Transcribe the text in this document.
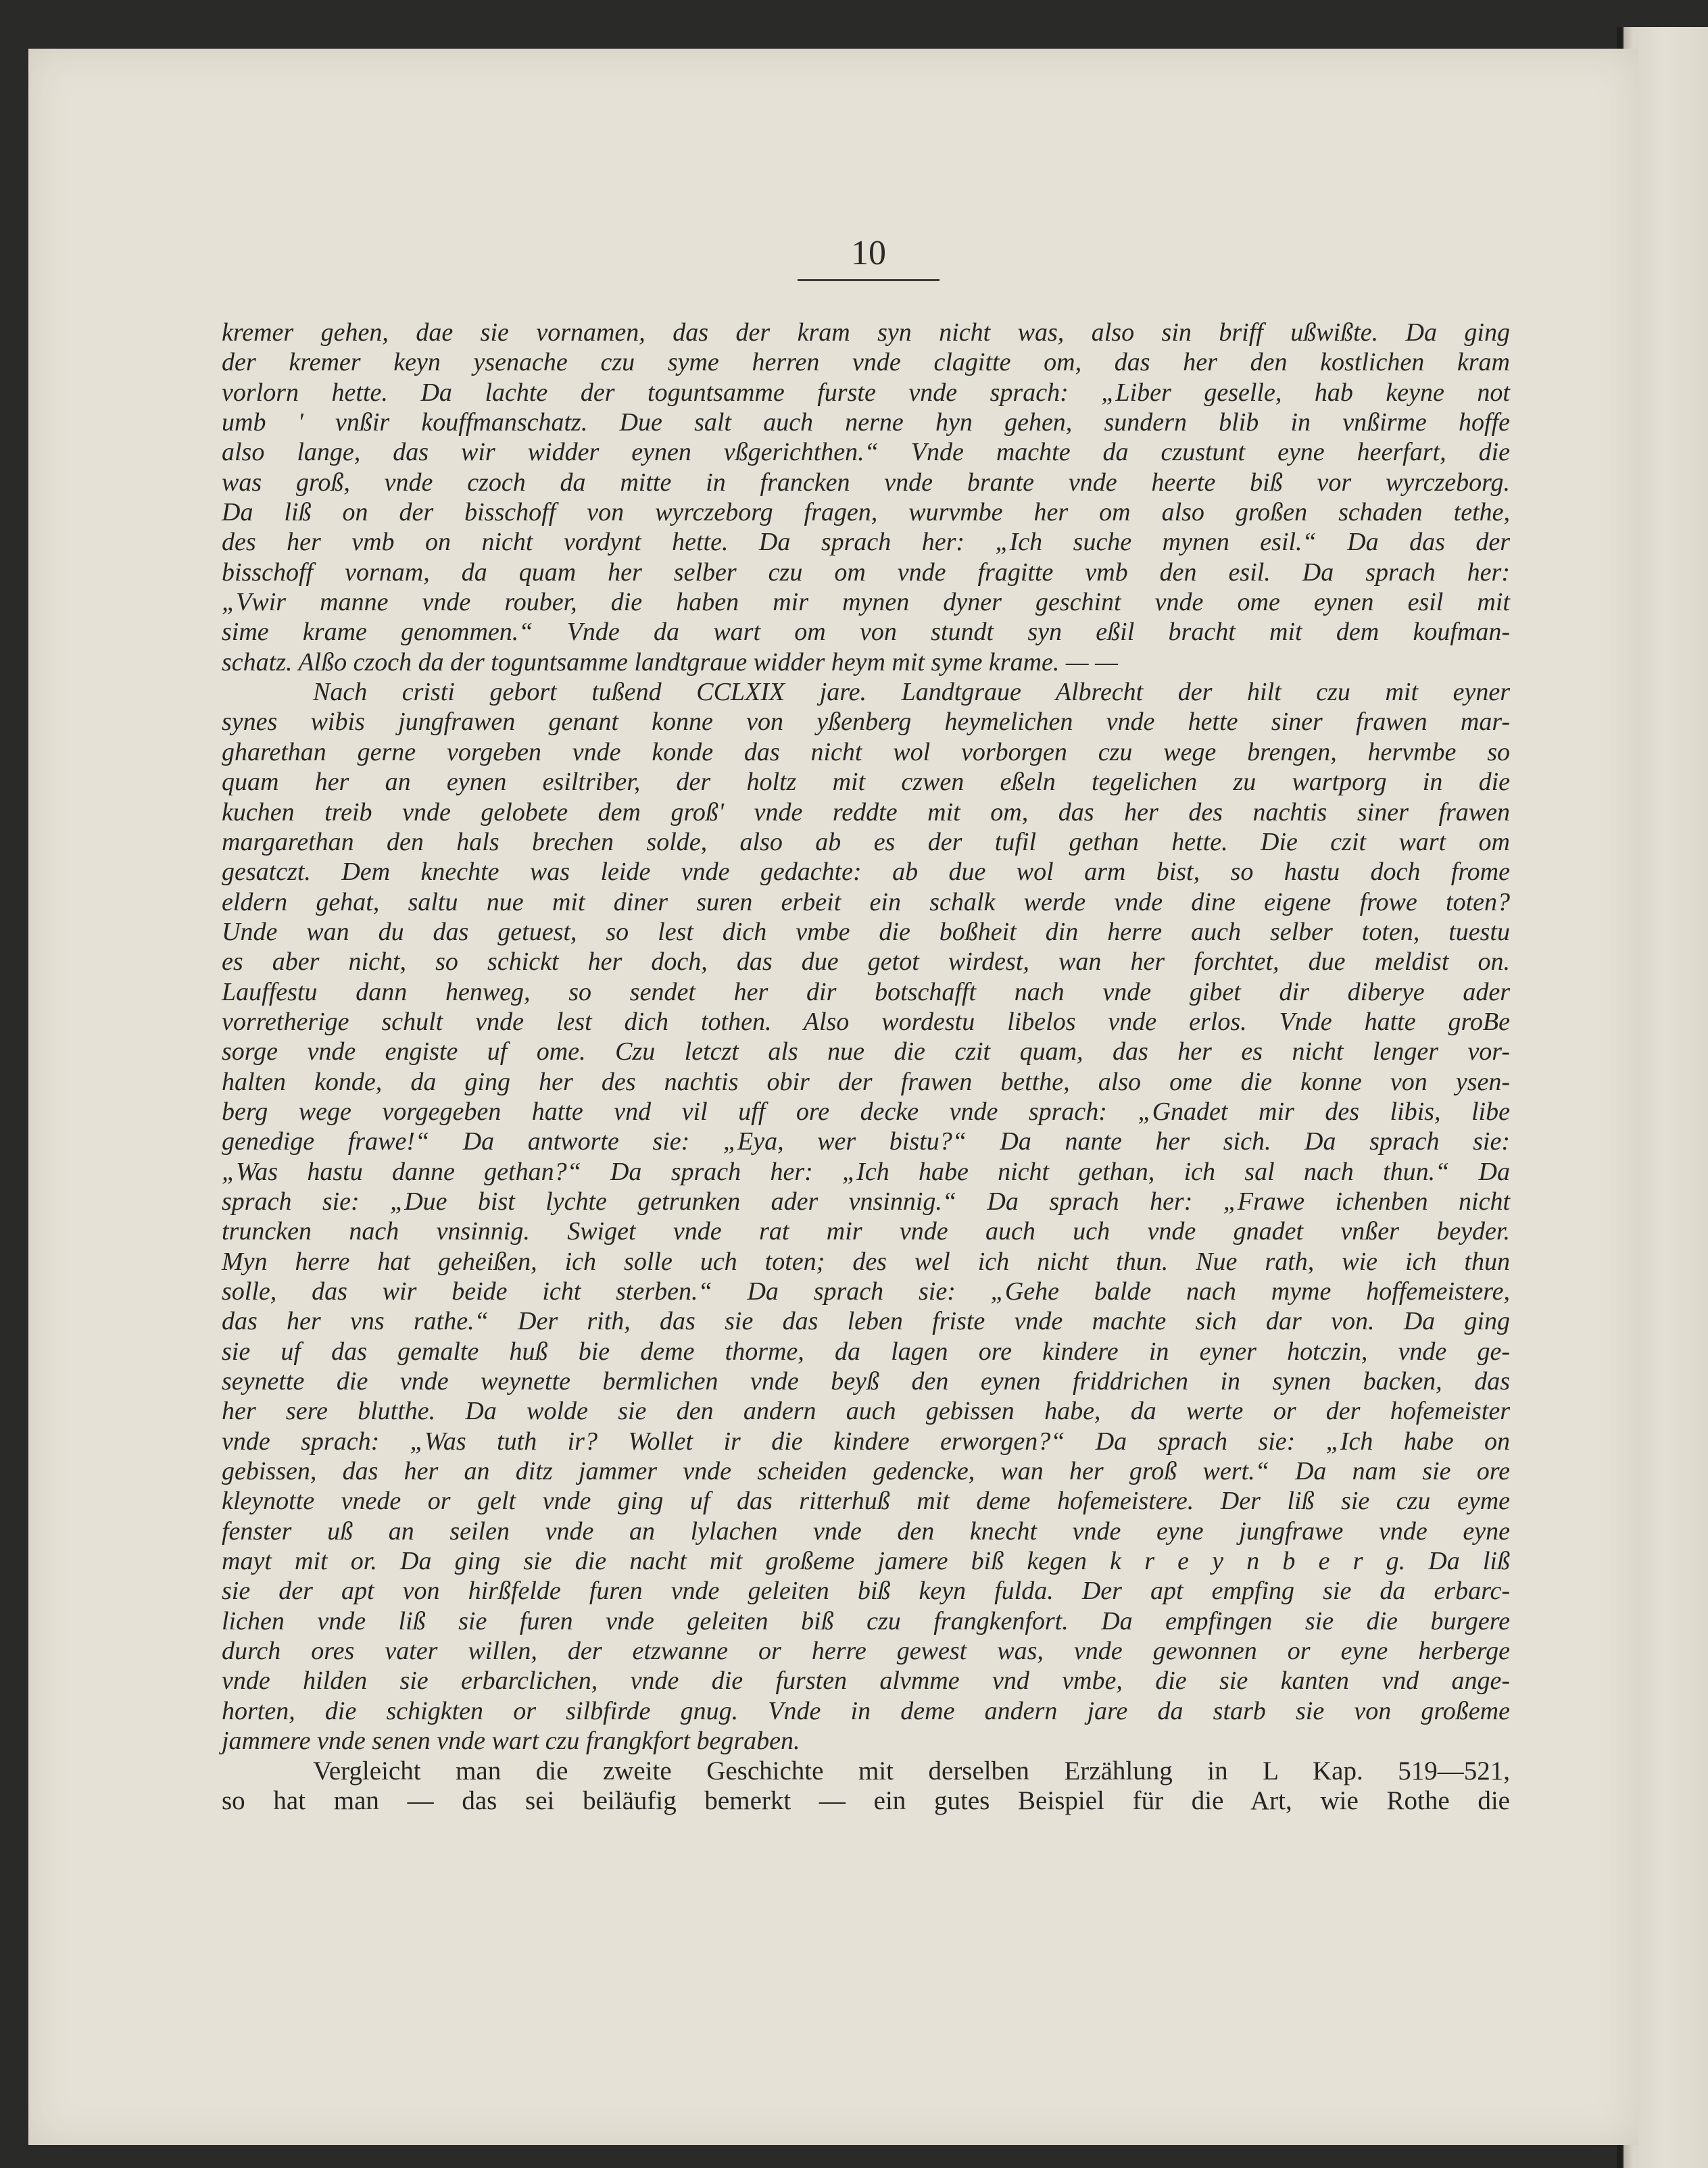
10
kremer gehen, dae sie vornamen, das der kram syn nicht was, also sin briff ußwißte. Da ging
der kremer keyn ysenache czu syme herren vnde clagitte om, das her den kostlichen kram
vorlorn hette. Da lachte der toguntsamme furste vnde sprach: „Liber geselle, hab keyne not
umb ' vnßir kouffmanschatz. Due salt auch nerne hyn gehen, sundern blib in vnßirme hoffe
also lange, das wir widder eynen vßgerichthen.“ Vnde machte da czustunt eyne heerfart, die
was groß, vnde czoch da mitte in francken vnde brante vnde heerte biß vor wyrczeborg.
Da liß on der bisschoff von wyrczeborg fragen, wurvmbe her om also großen schaden tethe,
des her vmb on nicht vordynt hette. Da sprach her: „Ich suche mynen esil.“ Da das der
bisschoff vornam, da quam her selber czu om vnde fragitte vmb den esil. Da sprach her:
„Vwir manne vnde rouber, die haben mir mynen dyner geschint vnde ome eynen esil mit
sime krame genommen.“ Vnde da wart om von stundt syn eßil bracht mit dem koufman-
schatz. Alßo czoch da der toguntsamme landtgraue widder heym mit syme krame. — —
Nach cristi gebort tußend CCLXIX jare. Landtgraue Albrecht der hilt czu mit eyner
synes wibis jungfrawen genant konne von yßenberg heymelichen vnde hette siner frawen mar-
gharethan gerne vorgeben vnde konde das nicht wol vorborgen czu wege brengen, hervmbe so
quam her an eynen esiltriber, der holtz mit czwen eßeln tegelichen zu wartporg in die
kuchen treib vnde gelobete dem groß' vnde reddte mit om, das her des nachtis siner frawen
margarethan den hals brechen solde, also ab es der tufil gethan hette. Die czit wart om
gesatczt. Dem knechte was leide vnde gedachte: ab due wol arm bist, so hastu doch frome
eldern gehat, saltu nue mit diner suren erbeit ein schalk werde vnde dine eigene frowe toten?
Unde wan du das getuest, so lest dich vmbe die boßheit din herre auch selber toten, tuestu
es aber nicht, so schickt her doch, das due getot wirdest, wan her forchtet, due meldist on.
Lauffestu dann henweg, so sendet her dir botschafft nach vnde gibet dir diberye ader
vorretherige schult vnde lest dich tothen. Also wordestu libelos vnde erlos. Vnde hatte groBe
sorge vnde engiste uf ome. Czu letczt als nue die czit quam, das her es nicht lenger vor-
halten konde, da ging her des nachtis obir der frawen betthe, also ome die konne von ysen-
berg wege vorgegeben hatte vnd vil uff ore decke vnde sprach: „Gnadet mir des libis, libe
genedige frawe!“ Da antworte sie: „Eya, wer bistu?“ Da nante her sich. Da sprach sie:
„Was hastu danne gethan?“ Da sprach her: „Ich habe nicht gethan, ich sal nach thun.“ Da
sprach sie: „Due bist lychte getrunken ader vnsinnig.“ Da sprach her: „Frawe ichenben nicht
truncken nach vnsinnig. Swiget vnde rat mir vnde auch uch vnde gnadet vnßer beyder.
Myn herre hat geheißen, ich solle uch toten; des wel ich nicht thun. Nue rath, wie ich thun
solle, das wir beide icht sterben.“ Da sprach sie: „Gehe balde nach myme hoffemeistere,
das her vns rathe.“ Der rith, das sie das leben friste vnde machte sich dar von. Da ging
sie uf das gemalte huß bie deme thorme, da lagen ore kindere in eyner hotczin, vnde ge-
seynette die vnde weynette bermlichen vnde beyß den eynen friddrichen in synen backen, das
her sere blutthe. Da wolde sie den andern auch gebissen habe, da werte or der hofemeister
vnde sprach: „Was tuth ir? Wollet ir die kindere erworgen?“ Da sprach sie: „Ich habe on
gebissen, das her an ditz jammer vnde scheiden gedencke, wan her groß wert.“ Da nam sie ore
kleynotte vnede or gelt vnde ging uf das ritterhuß mit deme hofemeistere. Der liß sie czu eyme
fenster uß an seilen vnde an lylachen vnde den knecht vnde eyne jungfrawe vnde eyne
mayt mit or. Da ging sie die nacht mit großeme jamere biß kegen k r e y n b e r g. Da liß
sie der apt von hirßfelde furen vnde geleiten biß keyn fulda. Der apt empfing sie da erbarc-
lichen vnde liß sie furen vnde geleiten biß czu frangkenfort. Da empfingen sie die burgere
durch ores vater willen, der etzwanne or herre gewest was, vnde gewonnen or eyne herberge
vnde hilden sie erbarclichen, vnde die fursten alvmme vnd vmbe, die sie kanten vnd ange-
horten, die schigkten or silbfirde gnug. Vnde in deme andern jare da starb sie von großeme
jammere vnde senen vnde wart czu frangkfort begraben.
Vergleicht man die zweite Geschichte mit derselben Erzählung in L Kap. 519—521,
so hat man — das sei beiläufig bemerkt — ein gutes Beispiel für die Art, wie Rothe die
